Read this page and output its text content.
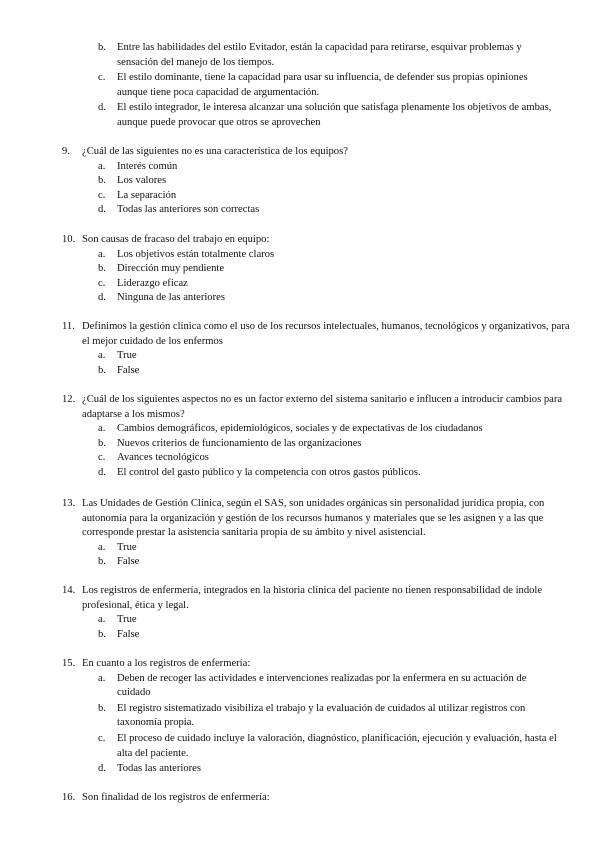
b. Entre las habilidades del estilo Evitador, están la capacidad para retirarse, esquivar problemas y sensación del manejo de los tiempos.
c. El estilo dominante, tiene la capacidad para usar su influencia, de defender sus propias opiniones aunque tiene poca capacidad de argumentación.
d. El estilo integrador, le interesa alcanzar una solución que satisfaga plenamente los objetivos de ambas, aunque puede provocar que otros se aprovechen
9. ¿Cuál de las siguientes no es una característica de los equipos?
a. Interés común
b. Los valores
c. La separación
d. Todas las anteriores son correctas
10. Son causas de fracaso del trabajo en equipo:
a. Los objetivos están totalmente claros
b. Dirección muy pendiente
c. Liderazgo eficaz
d. Ninguna de las anteriores
11. Definimos la gestión clínica como el uso de los recursos intelectuales, humanos, tecnológicos y organizativos, para el mejor cuidado de los enfermos
a. True
b. False
12. ¿Cuál de los siguientes aspectos no es un factor externo del sistema sanitario e influcen a introducir cambios para adaptarse a los mismos?
a. Cambios demográficos, epidemiológicos, sociales y de expectativas de los ciudadanos
b. Nuevos criterios de funcionamiento de las organizaciones
c. Avances tecnológicos
d. El control del gasto público y la competencia con otros gastos públicos.
13. Las Unidades de Gestión Clínica, según el SAS, son unidades orgánicas sin personalidad jurídica propia, con autonomía para la organización y gestión de los recursos humanos y materiales que se les asignen y a las que corresponde prestar la asistencia sanitaria propia de su ámbito y nivel asistencial.
a. True
b. False
14. Los registros de enfermería, integrados en la historia clínica del paciente no tienen responsabilidad de índole profesional, ética y legal.
a. True
b. False
15. En cuanto a los registros de enfermería:
a. Deben de recoger las actividades e intervenciones realizadas por la enfermera en su actuación de cuidado
b. El registro sistematizado visibiliza el trabajo y la evaluación de cuidados al utilizar registros con taxonomía propia.
c. El proceso de cuidado incluye la valoración, diagnóstico, planificación, ejecución y evaluación, hasta el alta del paciente.
d. Todas las anteriores
16. Son finalidad de los registros de enfermería:
